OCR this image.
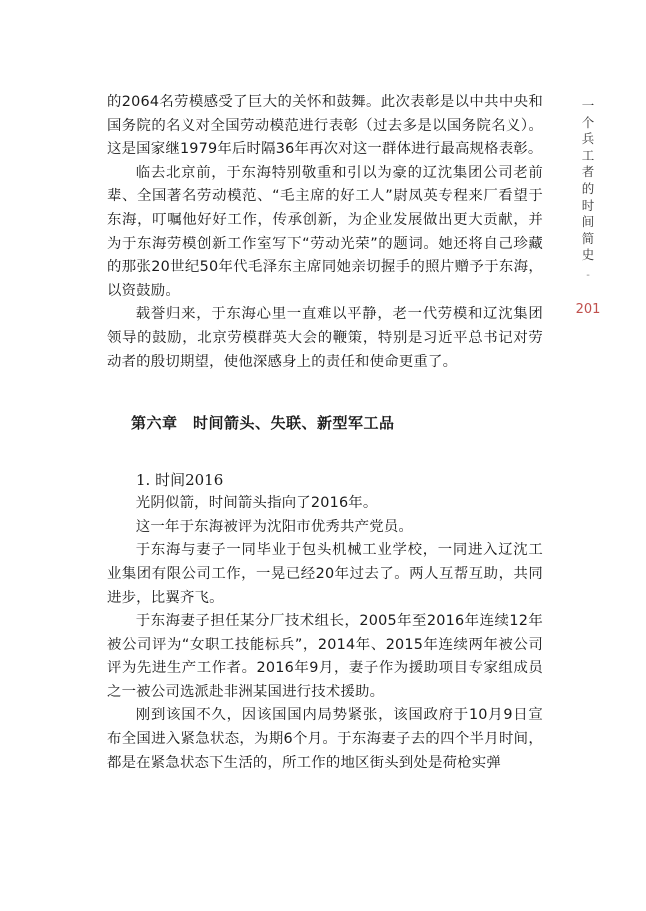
一
个
兵
工
者
的
时
间
简
史
-
201

的2064名劳模感受了巨大的关怀和鼓舞。此次表彰是以中共中央和国务院的名义对全国劳动模范进行表彰（过去多是以国务院名义）。这是国家继1979年后时隔36年再次对这一群体进行最高规格表彰。

临去北京前，于东海特别敬重和引以为豪的辽沈集团公司老前辈、全国著名劳动模范、“毛主席的好工人”尉凤英专程来厂看望于东海，叮嘱他好好工作，传承创新，为企业发展做出更大贡献，并为于东海劳模创新工作室写下“劳动光荣”的题词。她还将自己珍藏的那张20世纪50年代毛泽东主席同她亲切握手的照片赠予于东海，以资鼓励。

载誉归来，于东海心里一直难以平静，老一代劳模和辽沈集团领导的鼓励，北京劳模群英大会的鞭策，特别是习近平总书记对劳动者的殷切期望，使他深感身上的责任和使命更重了。

第六章　时间箭头、失联、新型军工品
1. 时间2016

光阴似箭，时间箭头指向了2016年。

这一年于东海被评为沈阳市优秀共产党员。

于东海与妻子一同毕业于包头机械工业学校，一同进入辽沈工业集团有限公司工作，一晃已经20年过去了。两人互帮互助，共同进步，比翼齐飞。

于东海妻子担任某分厂技术组长，2005年至2016年连续12年被公司评为“女职工技能标兵”，2014年、2015年连续两年被公司评为先进生产工作者。2016年9月，妻子作为援助项目专家组成员之一被公司选派赴非洲某国进行技术援助。

刚到该国不久，因该国国内局势紧张，该国政府于10月9日宣布全国进入紧急状态，为期6个月。于东海妻子去的四个半月时间，都是在紧急状态下生活的，所工作的地区街头到处是荷枪实弹
